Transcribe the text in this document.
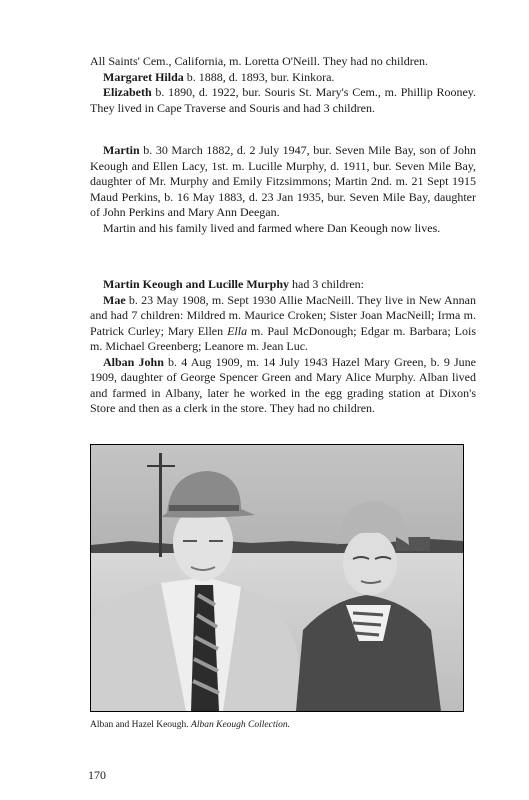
All Saints' Cem., California, m. Loretta O'Neill. They had no children.

Margaret Hilda b. 1888, d. 1893, bur. Kinkora.

Elizabeth b. 1890, d. 1922, bur. Souris St. Mary's Cem., m. Phillip Rooney. They lived in Cape Traverse and Souris and had 3 children.

Martin b. 30 March 1882, d. 2 July 1947, bur. Seven Mile Bay, son of John Keough and Ellen Lacy, 1st. m. Lucille Murphy, d. 1911, bur. Seven Mile Bay, daughter of Mr. Murphy and Emily Fitzsimmons; Martin 2nd. m. 21 Sept 1915 Maud Perkins, b. 16 May 1883, d. 23 Jan 1935, bur. Seven Mile Bay, daughter of John Perkins and Mary Ann Deegan.

Martin and his family lived and farmed where Dan Keough now lives.

Martin Keough and Lucille Murphy had 3 children:

Mae b. 23 May 1908, m. Sept 1930 Allie MacNeill. They live in New Annan and had 7 children: Mildred m. Maurice Croken; Sister Joan MacNeill; Irma m. Patrick Curley; Mary Ellen Ella m. Paul McDonough; Edgar m. Barbara; Lois m. Michael Greenberg; Leanore m. Jean Luc.

Alban John b. 4 Aug 1909, m. 14 July 1943 Hazel Mary Green, b. 9 June 1909, daughter of George Spencer Green and Mary Alice Murphy. Alban lived and farmed in Albany, later he worked in the egg grading station at Dixon's Store and then as a clerk in the store. They had no children.

Alban and Hazel Keough. Alban Keough Collection.
170
